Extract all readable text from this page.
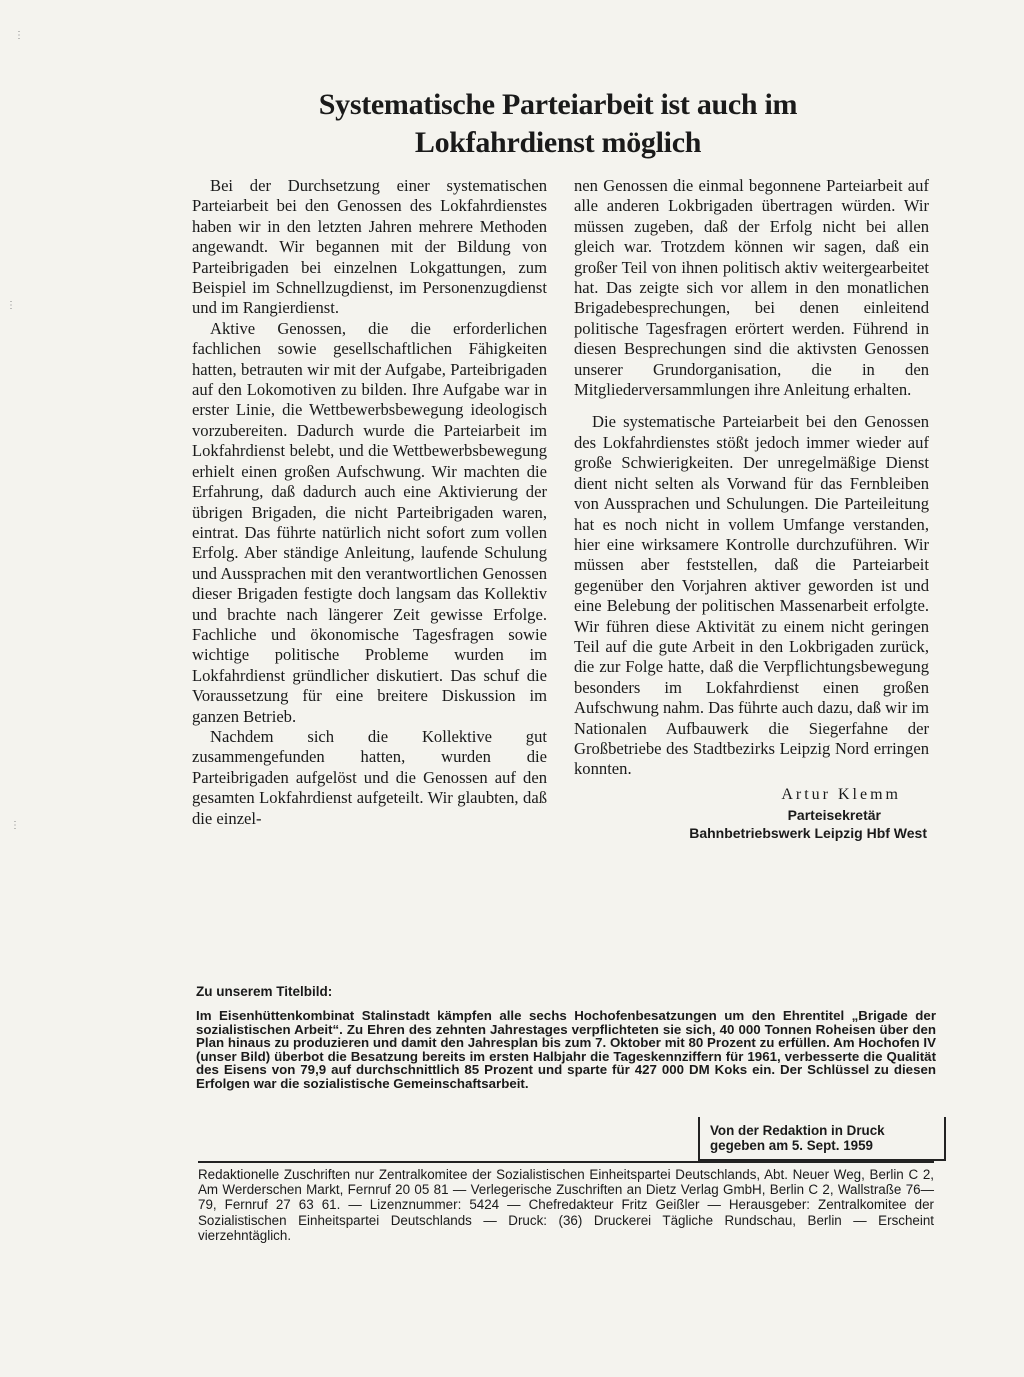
Systematische Parteiarbeit ist auch im
Lokfahrdienst möglich

Bei der Durchsetzung einer systematischen Parteiarbeit bei den Genossen des Lokfahrdienstes haben wir in den letzten Jahren mehrere Methoden angewandt. Wir begannen mit der Bildung von Parteibrigaden bei einzelnen Lokgattungen, zum Beispiel im Schnellzugdienst, im Personenzugdienst und im Rangierdienst.

Aktive Genossen, die die erforderlichen fachlichen sowie gesellschaftlichen Fähigkeiten hatten, betrauten wir mit der Aufgabe, Parteibrigaden auf den Lokomotiven zu bilden. Ihre Aufgabe war in erster Linie, die Wettbewerbsbewegung ideologisch vorzubereiten. Dadurch wurde die Parteiarbeit im Lokfahrdienst belebt, und die Wettbewerbsbewegung erhielt einen großen Aufschwung. Wir machten die Erfahrung, daß dadurch auch eine Aktivierung der übrigen Brigaden, die nicht Parteibrigaden waren, eintrat. Das führte natürlich nicht sofort zum vollen Erfolg. Aber ständige Anleitung, laufende Schulung und Aussprachen mit den verantwortlichen Genossen dieser Brigaden festigte doch langsam das Kollektiv und brachte nach längerer Zeit gewisse Erfolge. Fachliche und ökonomische Tagesfragen sowie wichtige politische Probleme wurden im Lokfahrdienst gründlicher diskutiert. Das schuf die Voraussetzung für eine breitere Diskussion im ganzen Betrieb.

Nachdem sich die Kollektive gut zusammengefunden hatten, wurden die Parteibrigaden aufgelöst und die Genossen auf den gesamten Lokfahrdienst aufgeteilt. Wir glaubten, daß die einzel-

nen Genossen die einmal begonnene Parteiarbeit auf alle anderen Lokbrigaden übertragen würden. Wir müssen zugeben, daß der Erfolg nicht bei allen gleich war. Trotzdem können wir sagen, daß ein großer Teil von ihnen politisch aktiv weitergearbeitet hat. Das zeigte sich vor allem in den monatlichen Brigadebesprechungen, bei denen einleitend politische Tagesfragen erörtert werden. Führend in diesen Besprechungen sind die aktivsten Genossen unserer Grundorganisation, die in den Mitgliederversammlungen ihre Anleitung erhalten.

Die systematische Parteiarbeit bei den Genossen des Lokfahrdienstes stößt jedoch immer wieder auf große Schwierigkeiten. Der unregelmäßige Dienst dient nicht selten als Vorwand für das Fernbleiben von Aussprachen und Schulungen. Die Parteileitung hat es noch nicht in vollem Umfange verstanden, hier eine wirksamere Kontrolle durchzuführen. Wir müssen aber feststellen, daß die Parteiarbeit gegenüber den Vorjahren aktiver geworden ist und eine Belebung der politischen Massenarbeit erfolgte. Wir führen diese Aktivität zu einem nicht geringen Teil auf die gute Arbeit in den Lokbrigaden zurück, die zur Folge hatte, daß die Verpflichtungsbewegung besonders im Lokfahrdienst einen großen Aufschwung nahm. Das führte auch dazu, daß wir im Nationalen Aufbauwerk die Siegerfahne der Großbetriebe des Stadtbezirks Leipzig Nord erringen konnten.

Artur Klemm
Parteisekretär
Bahnbetriebswerk Leipzig Hbf West

Zu unserem Titelbild:

Im Eisenhüttenkombinat Stalinstadt kämpfen alle sechs Hochofenbesatzungen um den Ehrentitel „Brigade der sozialistischen Arbeit“. Zu Ehren des zehnten Jahrestages verpflichteten sie sich, 40 000 Tonnen Roheisen über den Plan hinaus zu produzieren und damit den Jahresplan bis zum 7. Oktober mit 80 Prozent zu erfüllen. Am Hochofen IV (unser Bild) überbot die Besatzung bereits im ersten Halbjahr die Tageskennziffern für 1961, verbesserte die Qualität des Eisens von 79,9 auf durchschnittlich 85 Prozent und sparte für 427 000 DM Koks ein. Der Schlüssel zu diesen Erfolgen war die sozialistische Gemeinschaftsarbeit.

Von der Redaktion in Druck
gegeben am 5. Sept. 1959
Redaktionelle Zuschriften nur Zentralkomitee der Sozialistischen Einheitspartei Deutschlands, Abt. Neuer Weg, Berlin C 2, Am Werderschen Markt, Fernruf 20 05 81 — Verlegerische Zuschriften an Dietz Verlag GmbH, Berlin C 2, Wallstraße 76—79, Fernruf 27 63 61. — Lizenznummer: 5424 — Chefredakteur Fritz Geißler — Herausgeber: Zentralkomitee der Sozialistischen Einheitspartei Deutschlands — Druck: (36) Druckerei Tägliche Rundschau, Berlin — Erscheint vierzehntäglich.
⋮
⋮
⋮
